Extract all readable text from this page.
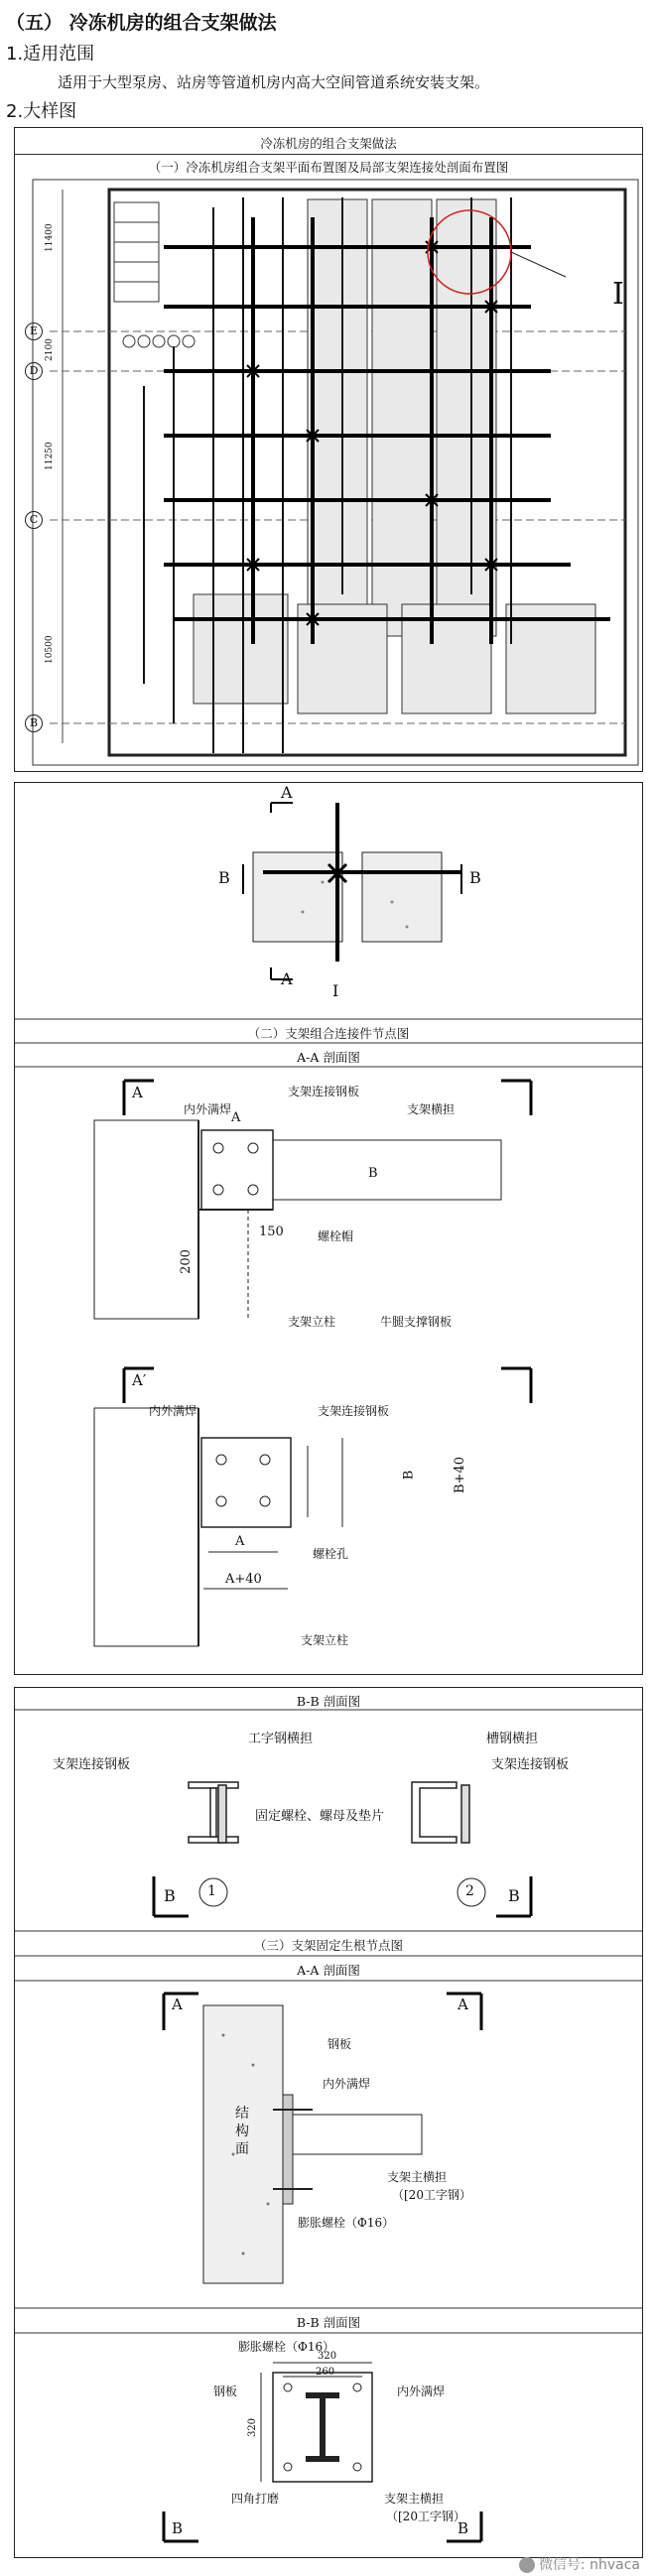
（五） 冷冻机房的组合支架做法
1.适用范围
适用于大型泵房、站房等管道机房内高大空间管道系统安装支架。
2.大样图
冷冻机房的组合支架做法
（一）冷冻机房组合支架平面布置图及局部支架连接处剖面布置图
E
D
C
B
11400
2100
11250
10500
I
A
A
B	B
I
（二）支架组合连接件节点图
A-A 剖面图
A
内外满焊
支架连接钢板
支架横担
A
B
螺栓帽
150
200
支架立柱	牛腿支撑钢板
A′
内外满焊	支架连接钢板
B	B+40
A
A+40
螺栓孔
支架立柱
B-B 剖面图
工字钢横担	槽钢横担
支架连接钢板	支架连接钢板
固定螺栓、螺母及垫片
1	2
B	B
（三）支架固定生根节点图
A-A 剖面图
A	A
钢板
内外满焊
结
构
面
支架主横担
（[20工字钢）
膨胀螺栓（Φ16）
B-B 剖面图
膨胀螺栓（Φ16）
320
260
320
钢板	内外满焊
四角打磨	支架主横担
（[20工字钢）
B	B
微信号: nhvaca
